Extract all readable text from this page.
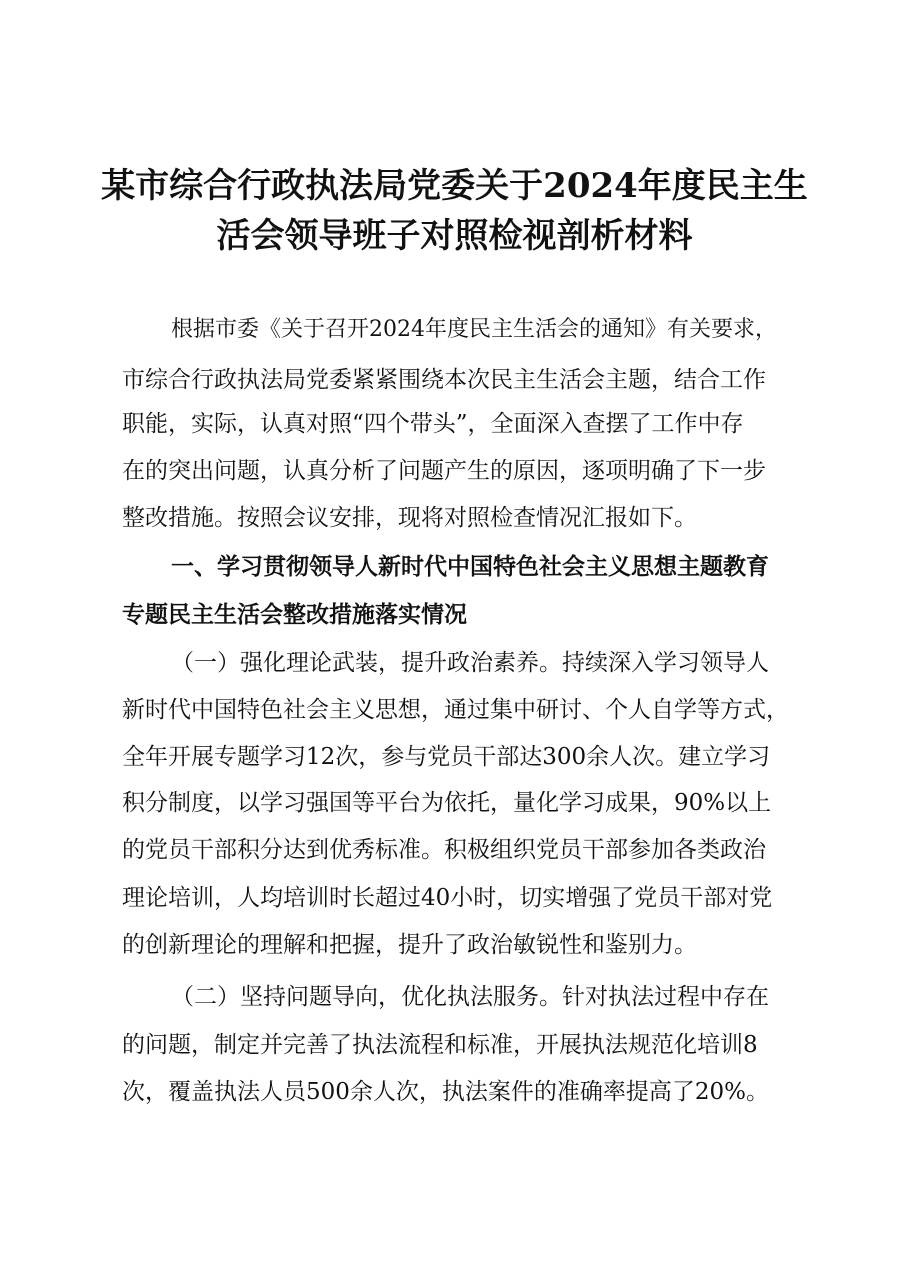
某市综合行政执法局党委关于2024年度民主生
活会领导班子对照检视剖析材料

根据市委《关于召开2024年度民主生活会的通知》有关要求，

市综合行政执法局党委紧紧围绕本次民主生活会主题，结合工作

职能，实际，认真对照“四个带头”，全面深入查摆了工作中存

在的突出问题，认真分析了问题产生的原因，逐项明确了下一步

整改措施。按照会议安排，现将对照检查情况汇报如下。

一、学习贯彻领导人新时代中国特色社会主义思想主题教育

专题民主生活会整改措施落实情况

（一）强化理论武装，提升政治素养。持续深入学习领导人

新时代中国特色社会主义思想，通过集中研讨、个人自学等方式，

全年开展专题学习12次，参与党员干部达300余人次。建立学习

积分制度，以学习强国等平台为依托，量化学习成果，90%以上

的党员干部积分达到优秀标准。积极组织党员干部参加各类政治

理论培训，人均培训时长超过40小时，切实增强了党员干部对党

的创新理论的理解和把握，提升了政治敏锐性和鉴别力。

（二）坚持问题导向，优化执法服务。针对执法过程中存在

的问题，制定并完善了执法流程和标准，开展执法规范化培训8

次，覆盖执法人员500余人次，执法案件的准确率提高了20%。
